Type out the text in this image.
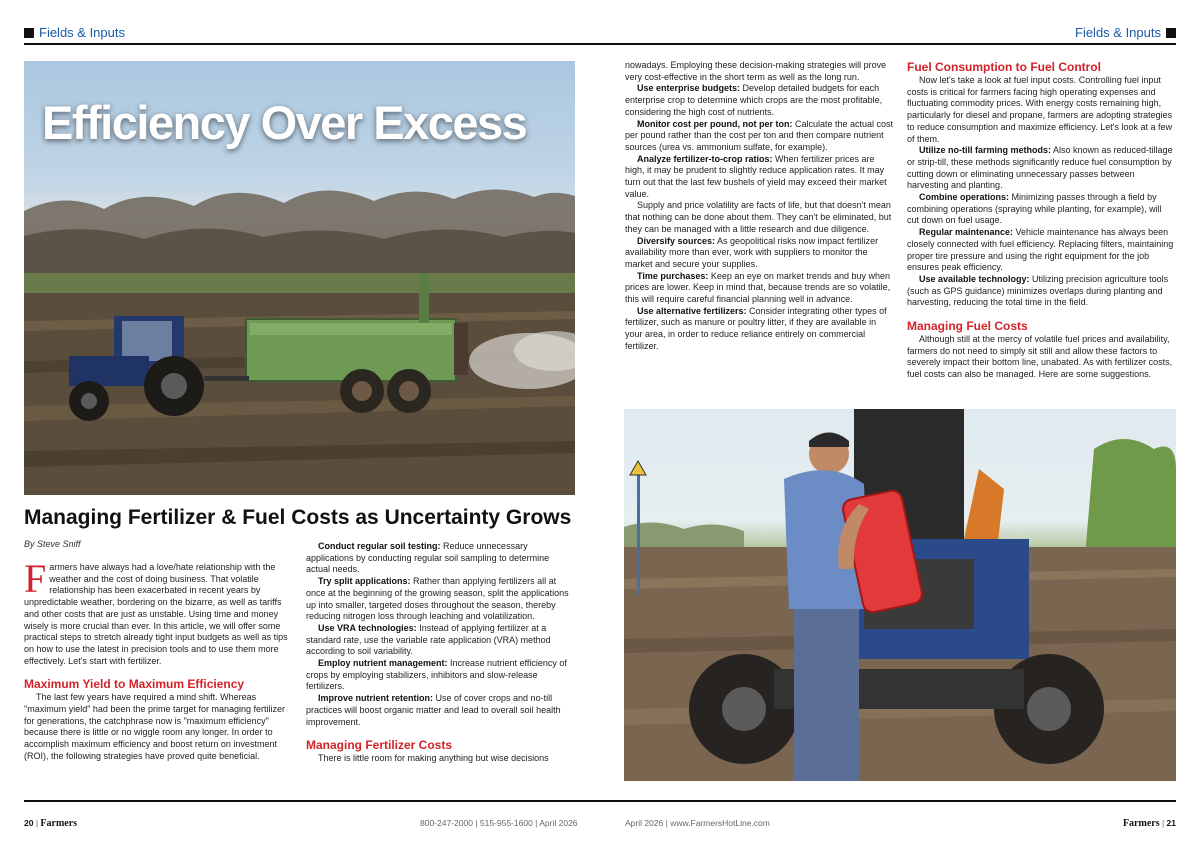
Fields & Inputs	Fields & Inputs
Efficiency Over Excess
Managing Fertilizer & Fuel Costs as Uncertainty Grows
By Steve Sniff

Farmers have always had a love/hate relationship with the weather and the cost of doing business. That volatile relationship has been exacerbated in recent years by unpredictable weather, bordering on the bizarre, as well as tariffs and other costs that are just as unstable. Using time and money wisely is more crucial than ever. In this article, we will offer some practical steps to stretch already tight input budgets as well as tips on how to use the latest in precision tools and to use them more effectively. Let's start with fertilizer.

Maximum Yield to Maximum Efficiency

The last few years have required a mind shift. Whereas "maximum yield" had been the prime target for managing fertilizer for generations, the catchphrase now is "maximum efficiency" because there is little or no wiggle room any longer. In order to accomplish maximum efficiency and boost return on investment (ROI), the following strategies have proved quite beneficial.

Conduct regular soil testing: Reduce unnecessary applications by conducting regular soil sampling to determine actual needs.

Try split applications: Rather than applying fertilizers all at once at the beginning of the growing season, split the applications up into smaller, targeted doses throughout the season, thereby reducing nitrogen loss through leaching and volatilization.

Use VRA technologies: Instead of applying fertilizer at a standard rate, use the variable rate application (VRA) method according to soil variability.

Employ nutrient management: Increase nutrient efficiency of crops by employing stabilizers, inhibitors and slow-release fertilizers.

Improve nutrient retention: Use of cover crops and no-till practices will boost organic matter and lead to overall soil health improvement.

Managing Fertilizer Costs

There is little room for making anything but wise decisions

nowadays. Employing these decision-making strategies will prove very cost-effective in the short term as well as the long run.

Use enterprise budgets: Develop detailed budgets for each enterprise crop to determine which crops are the most profitable, considering the high cost of nutrients.

Monitor cost per pound, not per ton: Calculate the actual cost per pound rather than the cost per ton and then compare nutrient sources (urea vs. ammonium sulfate, for example).

Analyze fertilizer-to-crop ratios: When fertilizer prices are high, it may be prudent to slightly reduce application rates. It may turn out that the last few bushels of yield may exceed their market value.

Supply and price volatility are facts of life, but that doesn't mean that nothing can be done about them. They can't be eliminated, but they can be managed with a little research and due diligence.

Diversify sources: As geopolitical risks now impact fertilizer availability more than ever, work with suppliers to monitor the market and secure your supplies.

Time purchases: Keep an eye on market trends and buy when prices are lower. Keep in mind that, because trends are so volatile, this will require careful financial planning well in advance.

Use alternative fertilizers: Consider integrating other types of fertilizer, such as manure or poultry litter, if they are available in your area, in order to reduce reliance entirely on commercial fertilizer.

Fuel Consumption to Fuel Control

Now let's take a look at fuel input costs. Controlling fuel input costs is critical for farmers facing high operating expenses and fluctuating commodity prices. With energy costs remaining high, particularly for diesel and propane, farmers are adopting strategies to reduce consumption and maximize efficiency. Let's look at a few of them.

Utilize no-till farming methods: Also known as reduced-tillage or strip-till, these methods significantly reduce fuel consumption by cutting down or eliminating unnecessary passes between harvesting and planting.

Combine operations: Minimizing passes through a field by combining operations (spraying while planting, for example), will cut down on fuel usage.

Regular maintenance: Vehicle maintenance has always been closely connected with fuel efficiency. Replacing filters, maintaining proper tire pressure and using the right equipment for the job ensures peak efficiency.

Use available technology: Utilizing precision agriculture tools (such as GPS guidance) minimizes overlaps during planting and harvesting, reducing the total time in the field.

Managing Fuel Costs

Although still at the mercy of volatile fuel prices and availability, farmers do not need to simply sit still and allow these factors to severely impact their bottom line, unabated. As with fertilizer costs, fuel costs can also be managed. Here are some suggestions.

20 | Farmers	800-247-2000 | 515-955-1600 | April 2026	April 2026 | www.FarmersHotLine.com	Farmers | 21
